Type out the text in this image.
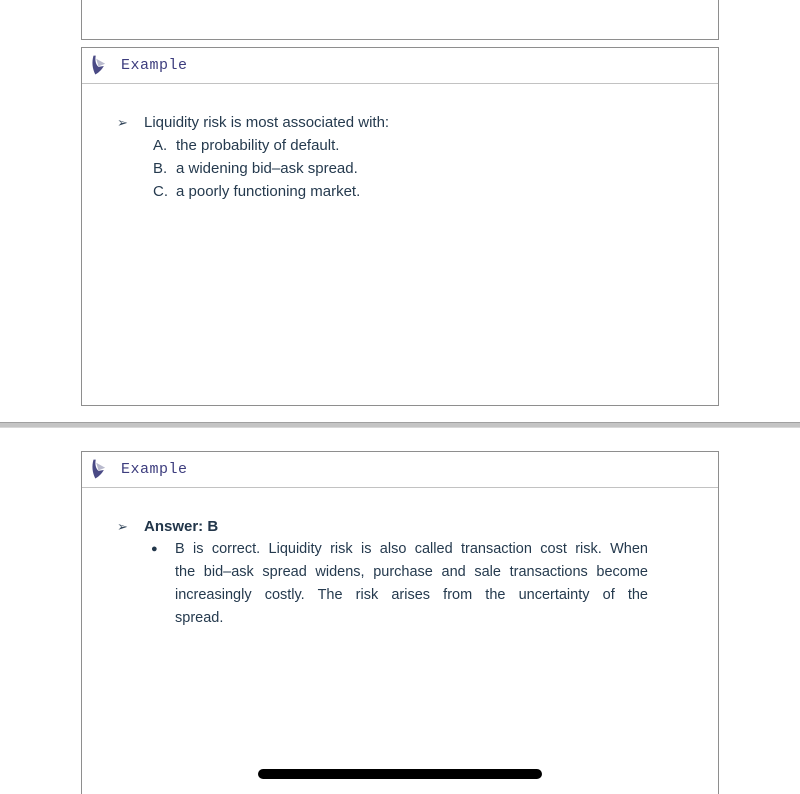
Example
➢	Liquidity risk is most associated with:
A. the probability of default.
B. a widening bid–ask spread.
C. a poorly functioning market.
Example
➢	Answer: B
●	B is correct. Liquidity risk is also called transaction cost risk. When
the bid–ask spread widens, purchase and sale transactions become
increasingly costly. The risk arises from the uncertainty of the
spread.
